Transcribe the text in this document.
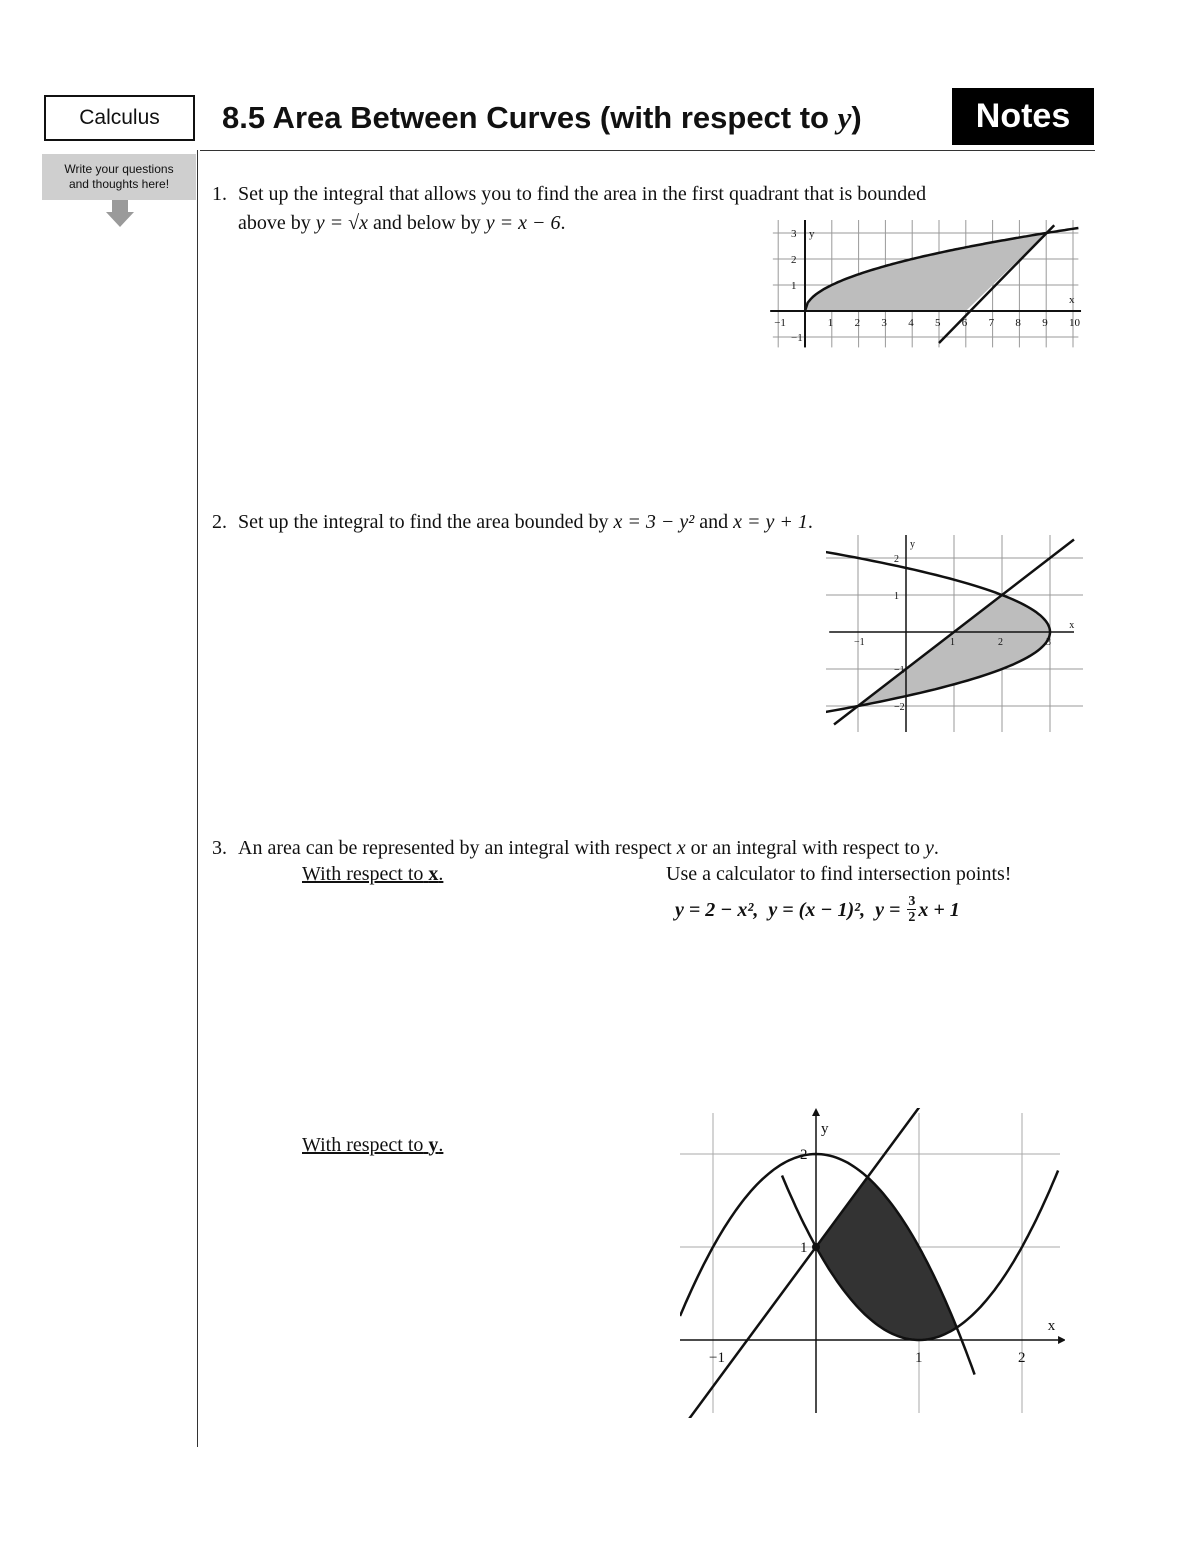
Calculus 8.5 Area Between Curves (with respect to y)	Notes
Write your questions
and thoughts here!	1. Set up the integral that allows you to find the area in the first quadrant that is bounded
above by y = √x and below by y = x − 6.
−1	1 2 3 4 5 6 7 8 9 10
−1
1
2
3
x
y
2. Set up the integral to find the area bounded by x = 3 − y² and x = y + 1.
−1	1	2	3
2
1
−1
−2
x
y
3. An area can be represented by an integral with respect x or an integral with respect to y.
With respect to x.	Use a calculator to find intersection points!
y = 2 − x²,  y = (x − 1)²,  $y = \frac{3}{2}$ x + 1
With respect to y.
−1	1	2
1
2
x
y
